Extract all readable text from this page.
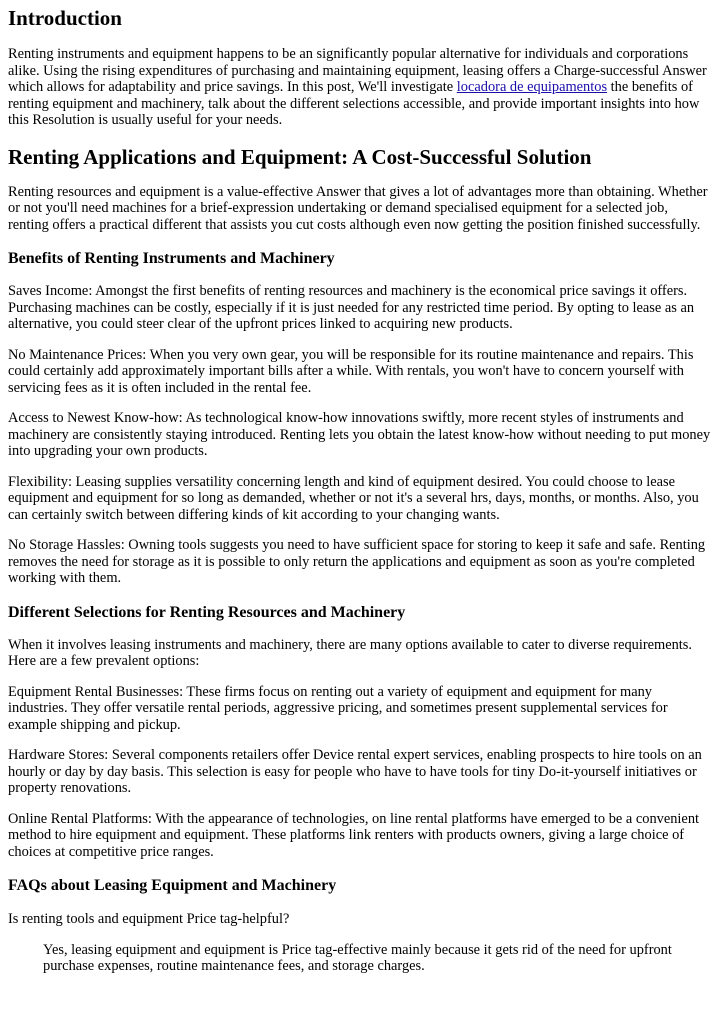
Introduction

Renting instruments and equipment happens to be an significantly popular alternative for individuals and corporations alike. Using the rising expenditures of purchasing and maintaining equipment, leasing offers a Charge-successful Answer which allows for adaptability and price savings. In this post, We'll investigate locadora de equipamentos the benefits of renting equipment and machinery, talk about the different selections accessible, and provide important insights into how this Resolution is usually useful for your needs.

Renting Applications and Equipment: A Cost-Successful Solution

Renting resources and equipment is a value-effective Answer that gives a lot of advantages more than obtaining. Whether or not you'll need machines for a brief-expression undertaking or demand specialised equipment for a selected job, renting offers a practical different that assists you cut costs although even now getting the position finished successfully.

Benefits of Renting Instruments and Machinery

Saves Income: Amongst the first benefits of renting resources and machinery is the economical price savings it offers. Purchasing machines can be costly, especially if it is just needed for any restricted time period. By opting to lease as an alternative, you could steer clear of the upfront prices linked to acquiring new products.

No Maintenance Prices: When you very own gear, you will be responsible for its routine maintenance and repairs. This could certainly add approximately important bills after a while. With rentals, you won't have to concern yourself with servicing fees as it is often included in the rental fee.

Access to Newest Know-how: As technological know-how innovations swiftly, more recent styles of instruments and machinery are consistently staying introduced. Renting lets you obtain the latest know-how without needing to put money into upgrading your own products.

Flexibility: Leasing supplies versatility concerning length and kind of equipment desired. You could choose to lease equipment and equipment for so long as demanded, whether or not it's a several hrs, days, months, or months. Also, you can certainly switch between differing kinds of kit according to your changing wants.

No Storage Hassles: Owning tools suggests you need to have sufficient space for storing to keep it safe and safe. Renting removes the need for storage as it is possible to only return the applications and equipment as soon as you're completed working with them.

Different Selections for Renting Resources and Machinery

When it involves leasing instruments and machinery, there are many options available to cater to diverse requirements. Here are a few prevalent options:

Equipment Rental Businesses: These firms focus on renting out a variety of equipment and equipment for many industries. They offer versatile rental periods, aggressive pricing, and sometimes present supplemental services for example shipping and pickup.

Hardware Stores: Several components retailers offer Device rental expert services, enabling prospects to hire tools on an hourly or day by day basis. This selection is easy for people who have to have tools for tiny Do-it-yourself initiatives or property renovations.

Online Rental Platforms: With the appearance of technologies, on line rental platforms have emerged to be a convenient method to hire equipment and equipment. These platforms link renters with products owners, giving a large choice of choices at competitive price ranges.

FAQs about Leasing Equipment and Machinery

Is renting tools and equipment Price tag-helpful?

Yes, leasing equipment and equipment is Price tag-effective mainly because it gets rid of the need for upfront purchase expenses, routine maintenance fees, and storage charges.
